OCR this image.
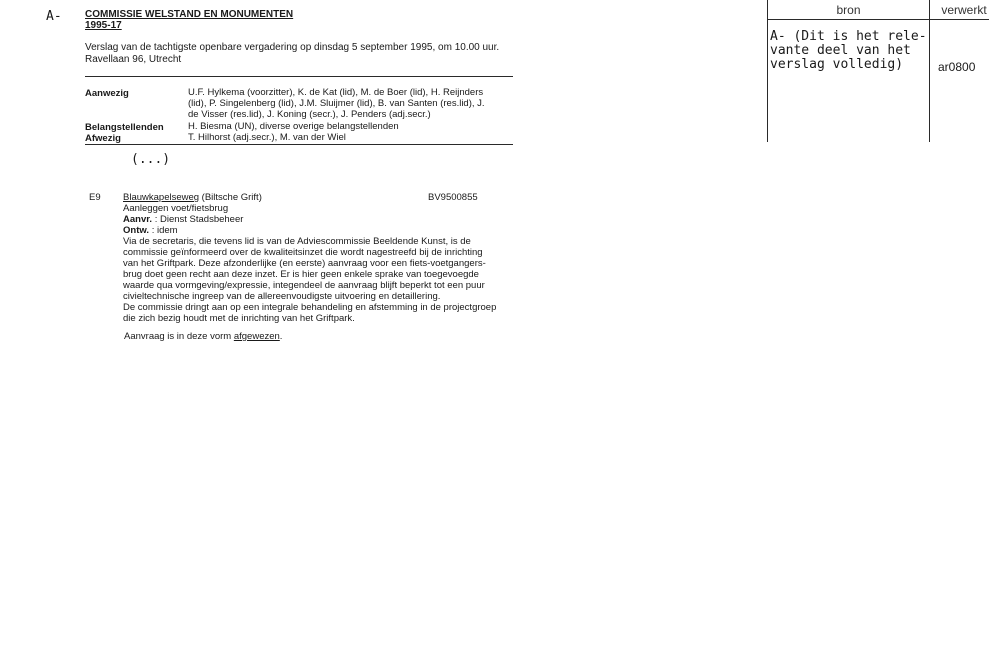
A- COMMISSIE WELSTAND EN MONUMENTEN
1995-17
Verslag van de tachtigste openbare vergadering op dinsdag 5 september 1995, om 10.00 uur.
Ravellaan 96, Utrecht
Aanwezig	U.F. Hylkema (voorzitter), K. de Kat (lid), M. de Boer (lid), H. Reijnders
(lid), P. Singelenberg (lid), J.M. Sluijmer (lid), B. van Santen (res.lid), J.
de Visser (res.lid), J. Koning (secr.), J. Penders (adj.secr.)
Belangstellenden	H. Biesma (UN), diverse overige belangstellenden
Afwezig	T. Hilhorst (adj.secr.), M. van der Wiel
(...)
E9 Blauwkapelseweg (Biltsche Grift)	BV9500855
Aanleggen voet/fietsbrug
Aanvr. : Dienst Stadsbeheer
Ontw. : idem
Via de secretaris, die tevens lid is van de Adviescommissie Beeldende Kunst, is de
commissie geïnformeerd over de kwaliteitsinzet die wordt nagestreefd bij de inrichting
van het Griftpark. Deze afzonderlijke (en eerste) aanvraag voor een fiets-voetgangers-
brug doet geen recht aan deze inzet. Er is hier geen enkele sprake van toegevoegde
waarde qua vormgeving/expressie, integendeel de aanvraag blijft beperkt tot een puur
civieltechnische ingreep van de allereenvoudigste uitvoering en detaillering.
De commissie dringt aan op een integrale behandeling en afstemming in de projectgroep
die zich bezig houdt met de inrichting van het Griftpark.
Aanvraag is in deze vorm afgewezen.
bron	verwerkt
A- (Dit is het rele-
vante deel van het
verslag volledig)	ar0800
